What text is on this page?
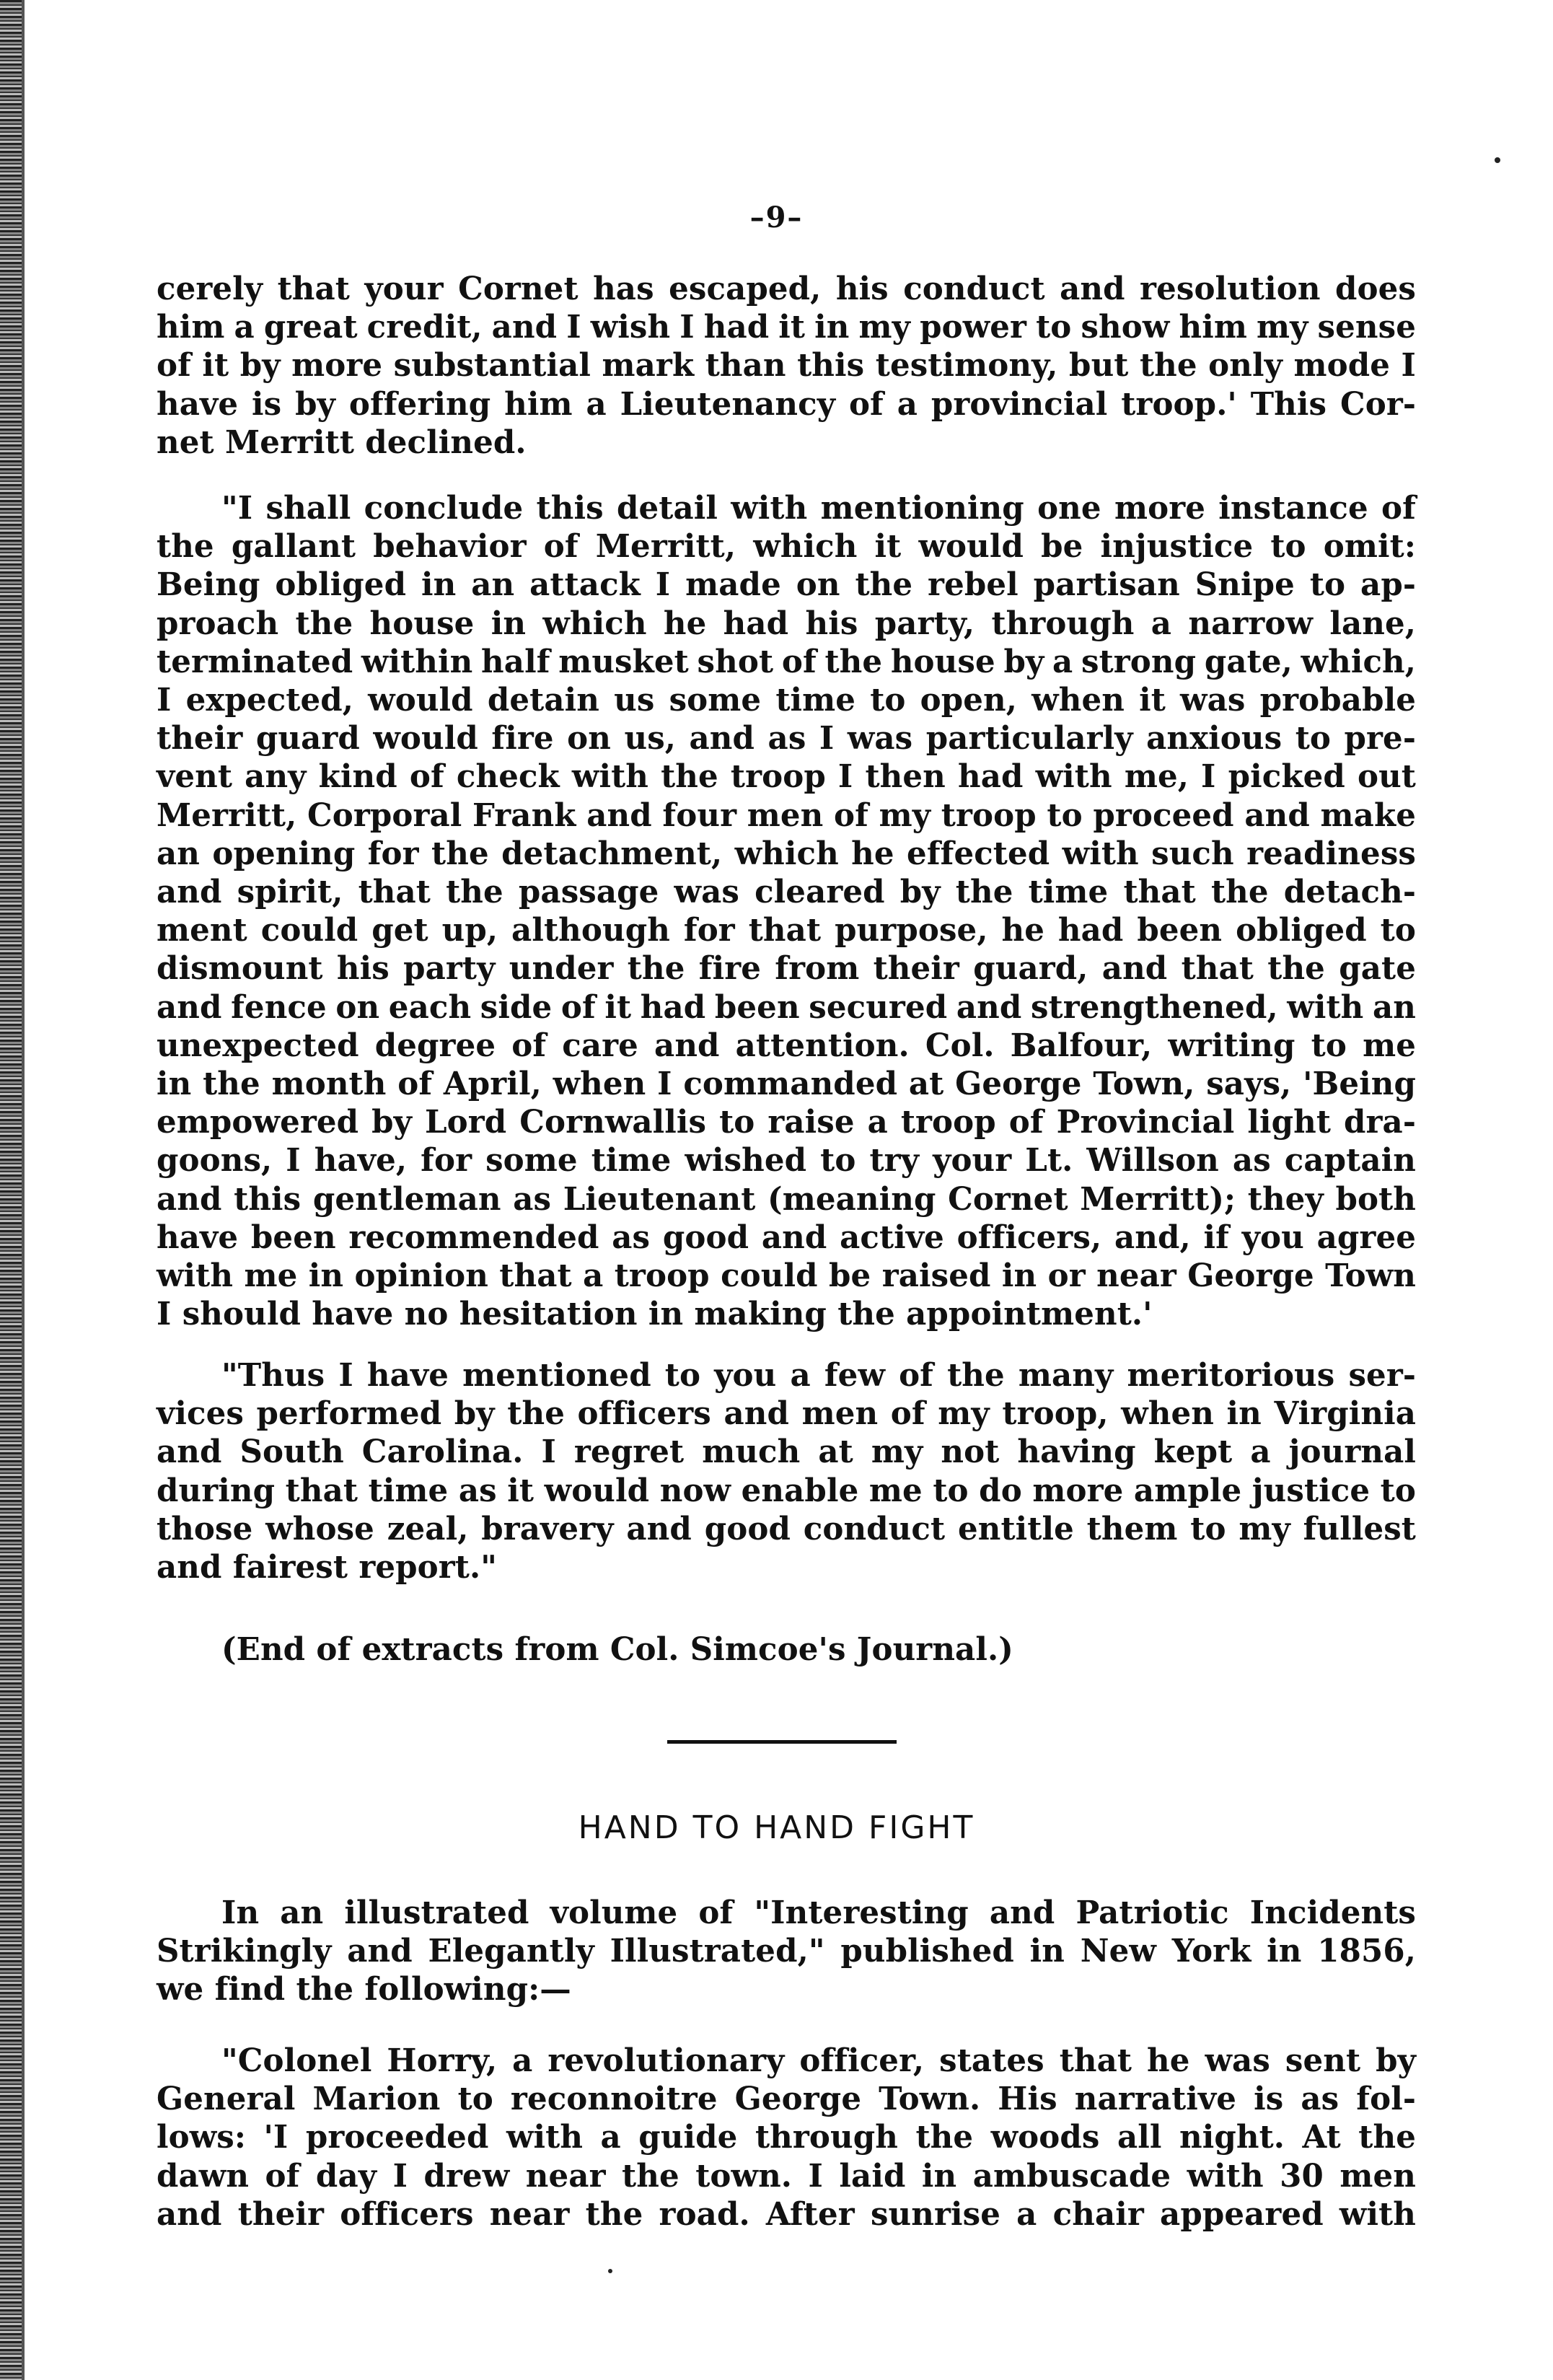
–9–
cerely that your Cornet has escaped, his conduct and resolution does
him a great credit, and I wish I had it in my power to show him my sense
of it by more substantial mark than this testimony, but the only mode I
have is by offering him a Lieutenancy of a provincial troop.' This Cor-
net Merritt declined.
"I shall conclude this detail with mentioning one more instance of
the gallant behavior of Merritt, which it would be injustice to omit:
Being obliged in an attack I made on the rebel partisan Snipe to ap-
proach the house in which he had his party, through a narrow lane,
terminated within half musket shot of the house by a strong gate, which,
I expected, would detain us some time to open, when it was probable
their guard would fire on us, and as I was particularly anxious to pre-
vent any kind of check with the troop I then had with me, I picked out
Merritt, Corporal Frank and four men of my troop to proceed and make
an opening for the detachment, which he effected with such readiness
and spirit, that the passage was cleared by the time that the detach-
ment could get up, although for that purpose, he had been obliged to
dismount his party under the fire from their guard, and that the gate
and fence on each side of it had been secured and strengthened, with an
unexpected degree of care and attention. Col. Balfour, writing to me
in the month of April, when I commanded at George Town, says, 'Being
empowered by Lord Cornwallis to raise a troop of Provincial light dra-
goons, I have, for some time wished to try your Lt. Willson as captain
and this gentleman as Lieutenant (meaning Cornet Merritt); they both
have been recommended as good and active officers, and, if you agree
with me in opinion that a troop could be raised in or near George Town
I should have no hesitation in making the appointment.'
"Thus I have mentioned to you a few of the many meritorious ser-
vices performed by the officers and men of my troop, when in Virginia
and South Carolina. I regret much at my not having kept a journal
during that time as it would now enable me to do more ample justice to
those whose zeal, bravery and good conduct entitle them to my fullest
and fairest report."
(End of extracts from Col. Simcoe's Journal.)
HAND TO HAND FIGHT
In an illustrated volume of "Interesting and Patriotic Incidents
Strikingly and Elegantly Illustrated," published in New York in 1856,
we find the following:—
"Colonel Horry, a revolutionary officer, states that he was sent by
General Marion to reconnoitre George Town. His narrative is as fol-
lows: 'I proceeded with a guide through the woods all night. At the
dawn of day I drew near the town. I laid in ambuscade with 30 men
and their officers near the road. After sunrise a chair appeared with
